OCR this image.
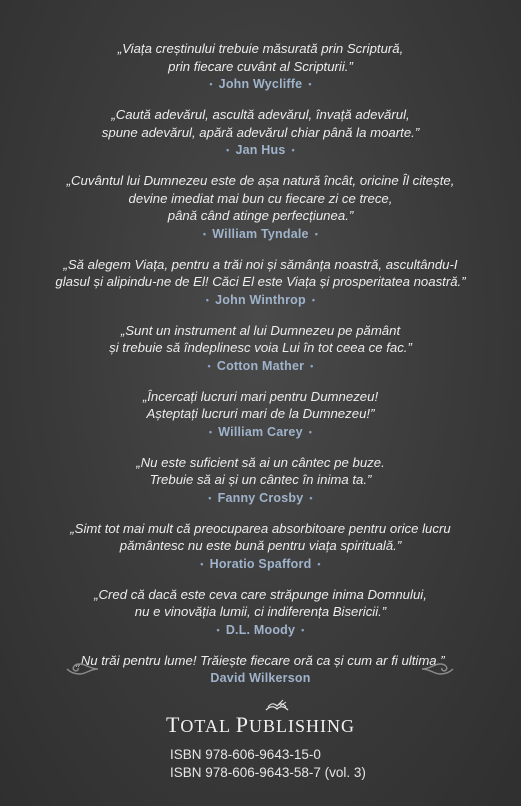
„Viața creștinului trebuie măsurată prin Scriptură,
prin fiecare cuvânt al Scripturii.”
• John Wycliffe •
„Caută adevărul, ascultă adevărul, învață adevărul,
spune adevărul, apără adevărul chiar până la moarte.”
• Jan Hus •
„Cuvântul lui Dumnezeu este de așa natură încât, oricine Îl citește,
devine imediat mai bun cu fiecare zi ce trece,
până când atinge perfecțiunea.”
• William Tyndale •
„Să alegem Viața, pentru a trăi noi și sămânța noastră, ascultându-I
glasul și alipindu-ne de El! Căci El este Viața și prosperitatea noastră.”
• John Winthrop •
„Sunt un instrument al lui Dumnezeu pe pământ
și trebuie să îndeplinesc voia Lui în tot ceea ce fac.”
• Cotton Mather •
„Încercați lucruri mari pentru Dumnezeu!
Așteptați lucruri mari de la Dumnezeu!”
• William Carey •
„Nu este suficient să ai un cântec pe buze.
Trebuie să ai și un cântec în inima ta.”
• Fanny Crosby •
„Simt tot mai mult că preocuparea absorbitoare pentru orice lucru
pământesc nu este bună pentru viața spirituală.”
• Horatio Spafford •
„Cred că dacă este ceva care străpunge inima Domnului,
nu e vinovăția lumii, ci indiferența Bisericii.”
• D.L. Moody •
„Nu trăi pentru lume! Trăiește fiecare oră ca și cum ar fi ultima.”
David Wilkerson
TOTAL PUBLISHING
ISBN 978-606-9643-15-0
ISBN 978-606-9643-58-7 (vol. 3)
